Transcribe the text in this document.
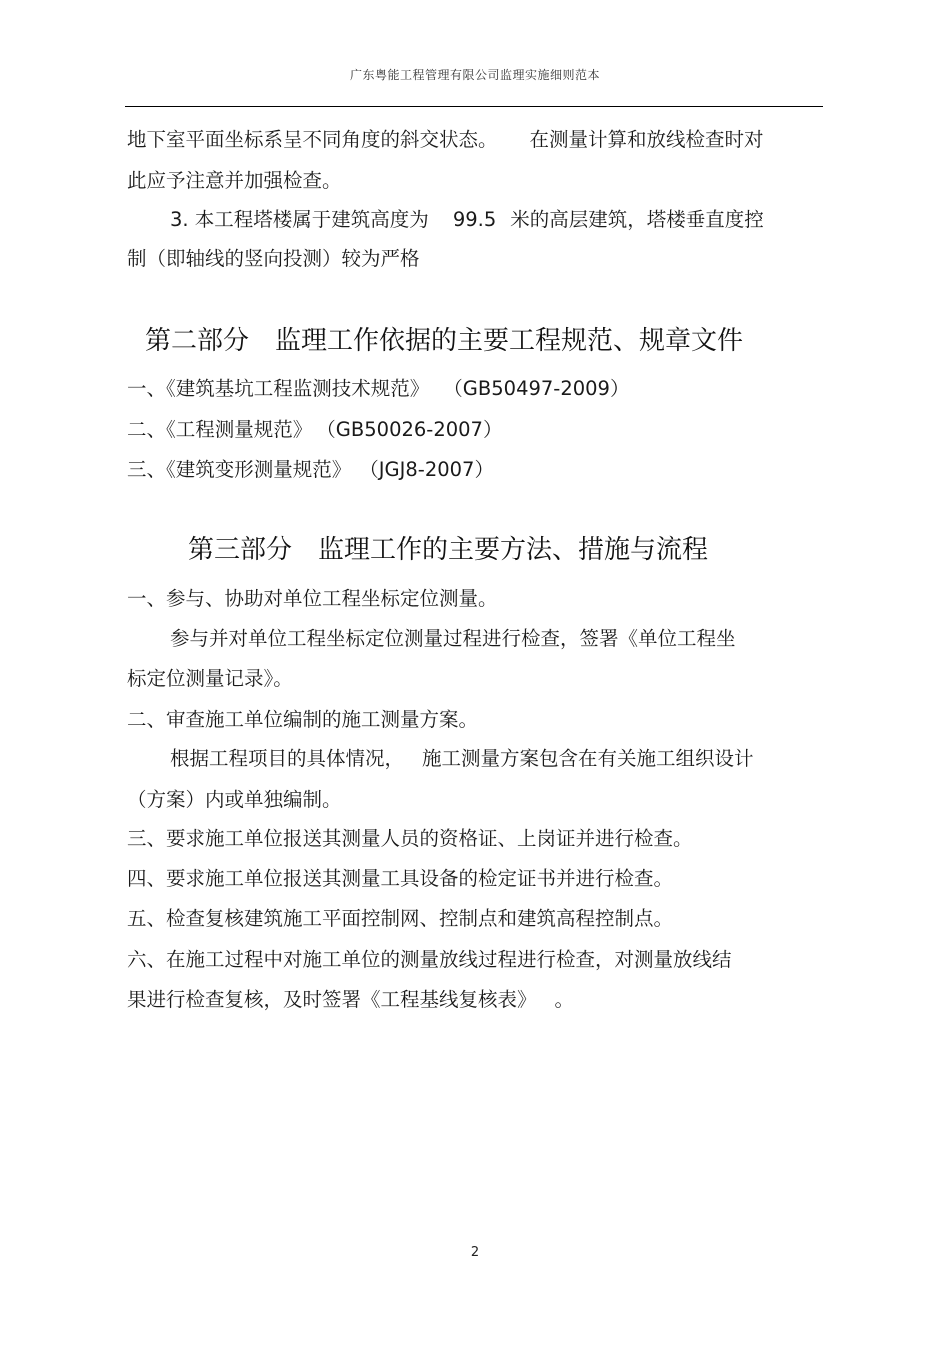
广东粤能工程管理有限公司监理实施细则范本
地下室平面坐标系呈不同角度的斜交状态。 在测量计算和放线检查时对
此应予注意并加强检查。
3. 本工程塔楼属于建筑高度为 99.5 米的高层建筑，塔楼垂直度控
制（即轴线的竖向投测）较为严格
第二部分　监理工作依据的主要工程规范、规章文件
一、《建筑基坑工程监测技术规范》 （GB50497-2009）
二、《工程测量规范》 （GB50026-2007）
三、《建筑变形测量规范》 （JGJ8-2007）
第三部分　监理工作的主要方法、措施与流程
一、参与、协助对单位工程坐标定位测量。
参与并对单位工程坐标定位测量过程进行检查，签署《单位工程坐
标定位测量记录》。
二、审查施工单位编制的施工测量方案。
根据工程项目的具体情况， 施工测量方案包含在有关施工组织设计
（方案）内或单独编制。
三、要求施工单位报送其测量人员的资格证、上岗证并进行检查。
四、要求施工单位报送其测量工具设备的检定证书并进行检查。
五、检查复核建筑施工平面控制网、控制点和建筑高程控制点。
六、在施工过程中对施工单位的测量放线过程进行检查，对测量放线结
果进行检查复核，及时签署《工程基线复核表》 。
2
